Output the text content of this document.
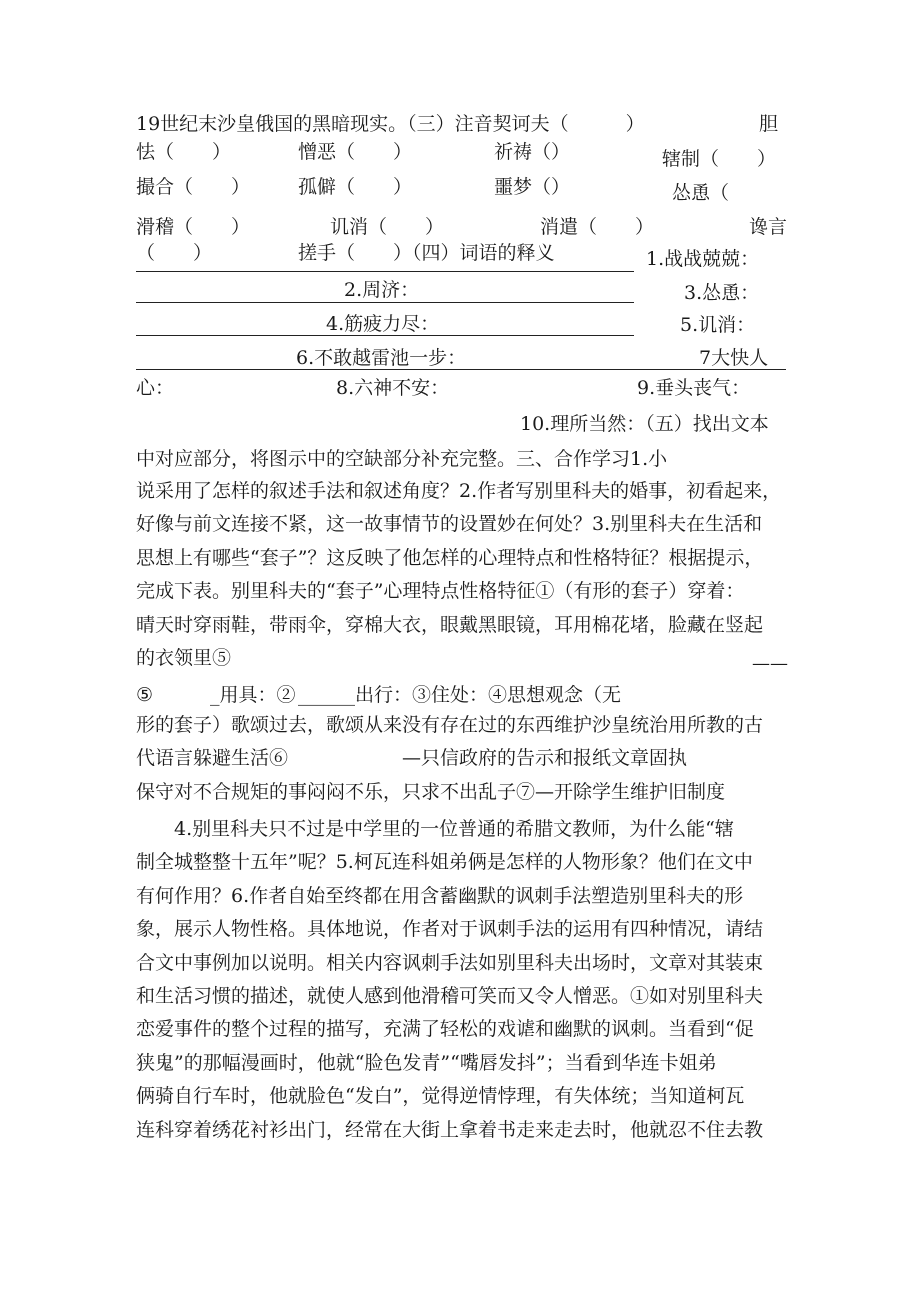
19世纪末沙皇俄国的黑暗现实。（三）注音契诃夫（　　　）	胆
怯（　　）	憎恶（　　）	祈祷（）	辖制（　　）
撮合（　　）	孤僻（　　）	噩梦（）	怂恿（
滑稽（　　）	讥消（　　）	消遣（　　）	谗言
（　　）	搓手（　　）（四）词语的释义	1.战战兢兢：
2.周济：	3.怂恿：
4.筋疲力尽：	5.讥消：
6.不敢越雷池一步：	7大快人
心：	8.六神不安：	9.垂头丧气：
10.理所当然：（五）找出文本
中对应部分，将图示中的空缺部分补充完整。三、合作学习1.小

说采用了怎样的叙述手法和叙述角度？2.作者写别里科夫的婚事，初看起来，

好像与前文连接不紧，这一故事情节的设置妙在何处？3.别里科夫在生活和

思想上有哪些“套子”？这反映了他怎样的心理特点和性格特征？根据提示，

完成下表。别里科夫的“套子”心理特点性格特征①（有形的套子）穿着：

晴天时穿雨鞋，带雨伞，穿棉大衣，眼戴黑眼镜，耳用棉花堵，脸藏在竖起

的衣领里⑤	——
⑤	_用具：② ______出行：③住处：④思想观念（无

形的套子）歌颂过去，歌颂从来没有存在过的东西维护沙皇统治用所教的古

代语言躲避生活⑥　　　　　　—只信政府的告示和报纸文章固执

保守对不合规矩的事闷闷不乐，只求不出乱子⑦—开除学生维护旧制度

4.别里科夫只不过是中学里的一位普通的希腊文教师，为什么能“辖

制全城整整十五年”呢？5.柯瓦连科姐弟俩是怎样的人物形象？他们在文中

有何作用？6.作者自始至终都在用含蓄幽默的讽刺手法塑造别里科夫的形

象，展示人物性格。具体地说，作者对于讽刺手法的运用有四种情况，请结

合文中事例加以说明。相关内容讽刺手法如别里科夫出场时，文章对其装束

和生活习惯的描述，就使人感到他滑稽可笑而又令人憎恶。①如对别里科夫

恋爱事件的整个过程的描写，充满了轻松的戏谑和幽默的讽刺。当看到“促

狭鬼”的那幅漫画时，他就“脸色发青”“嘴唇发抖”；当看到华连卡姐弟

俩骑自行车时，他就脸色“发白”，觉得逆情悖理，有失体统；当知道柯瓦

连科穿着绣花衬衫出门，经常在大街上拿着书走来走去时，他就忍不住去教
